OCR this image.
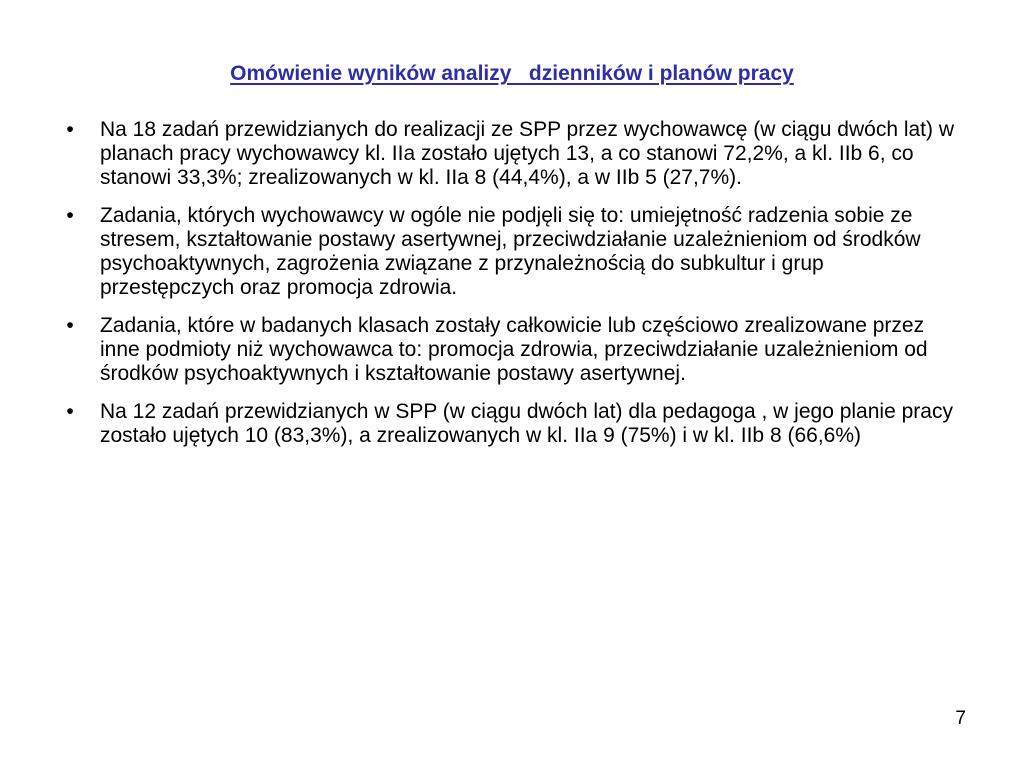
Omówienie wyników analizy   dzienników i planów pracy
•	Na 18 zadań przewidzianych do realizacji ze SPP przez wychowawcę (w ciągu dwóch lat) w planach pracy wychowawcy kl. IIa zostało ujętych 13, a co stanowi 72,2%, a kl. IIb 6, co stanowi 33,3%; zrealizowanych w kl. IIa 8 (44,4%), a w IIb 5 (27,7%).
•	Zadania, których wychowawcy w ogóle nie podjęli się to: umiejętność radzenia sobie ze stresem, kształtowanie postawy asertywnej, przeciwdziałanie uzależnieniom od środków psychoaktywnych, zagrożenia związane z przynależnością do subkultur i grup przestępczych oraz promocja zdrowia.
•	Zadania, które w badanych klasach zostały całkowicie lub częściowo zrealizowane przez inne podmioty niż wychowawca to: promocja zdrowia, przeciwdziałanie uzależnieniom od środków psychoaktywnych i kształtowanie postawy asertywnej.
•	Na 12 zadań przewidzianych w SPP (w ciągu dwóch lat) dla pedagoga , w jego planie pracy zostało ujętych 10 (83,3%), a zrealizowanych w kl. IIa 9 (75%) i w kl. IIb 8 (66,6%)
7
